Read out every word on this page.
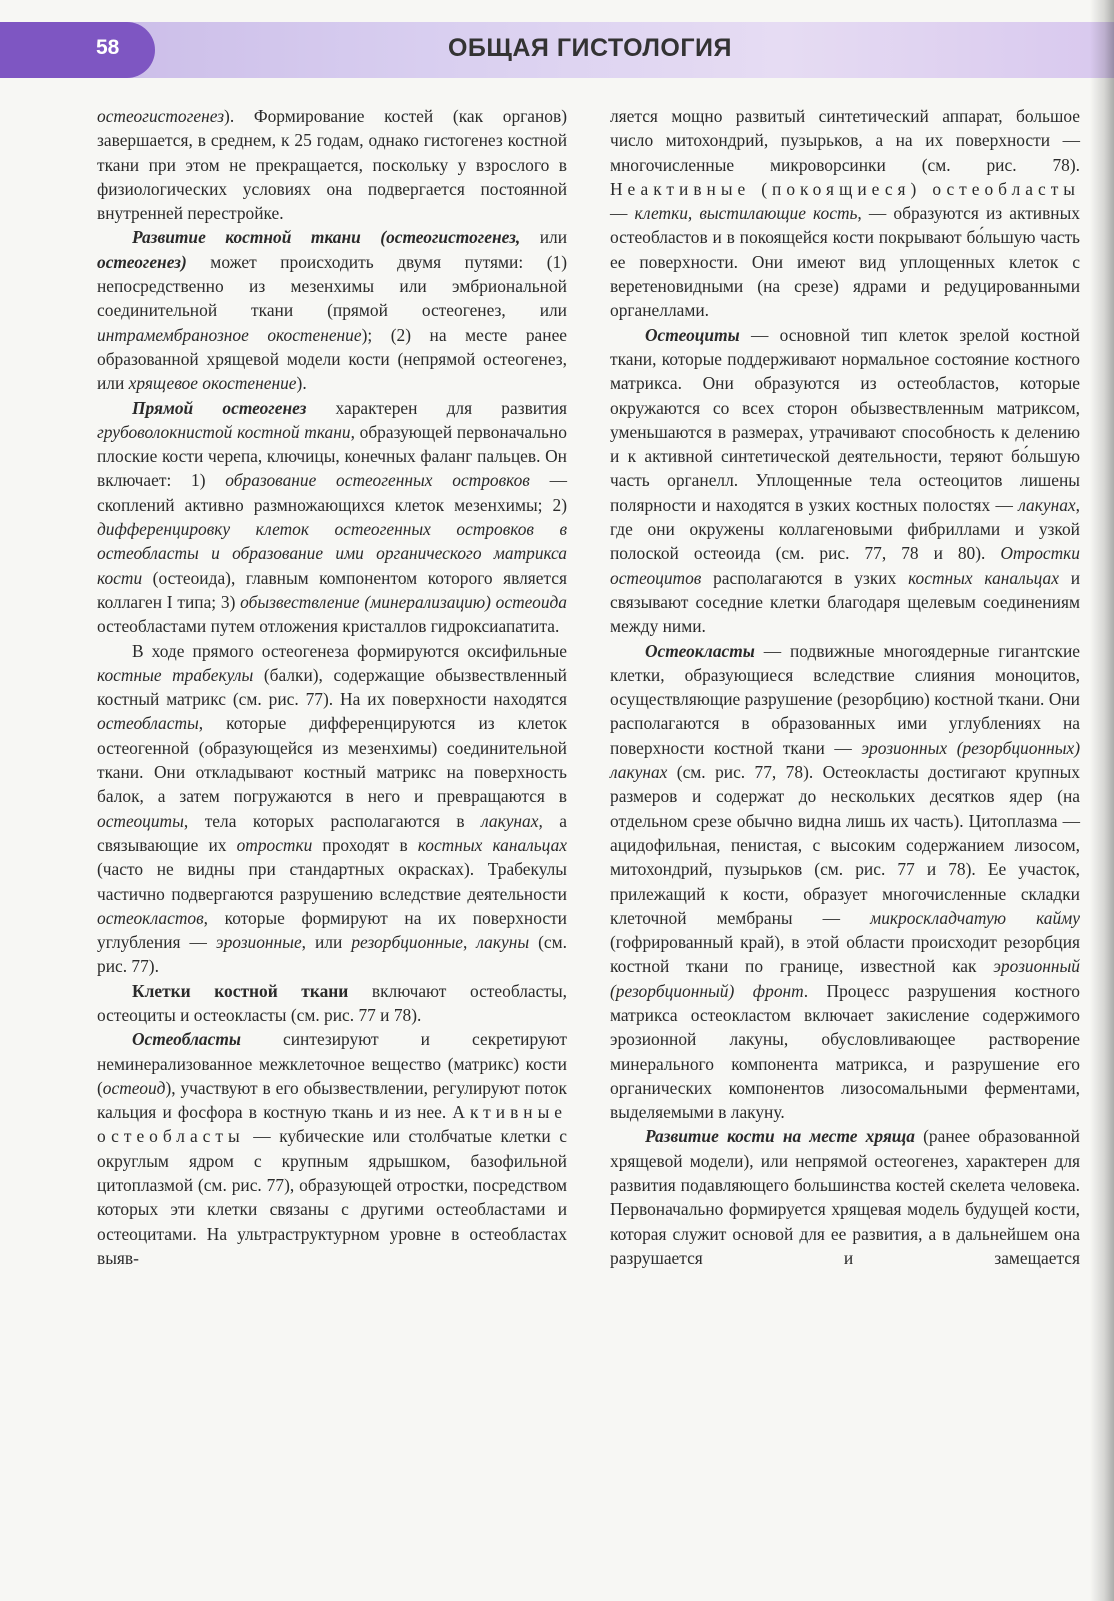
58	ОБЩАЯ ГИСТОЛОГИЯ

остеогистогенез). Формирование костей (как органов) завершается, в среднем, к 25 годам, однако гистогенез костной ткани при этом не прекращается, поскольку у взрослого в физиологических условиях она подвергается постоянной внутренней перестройке.

Развитие костной ткани (остеогистогенез, или остеогенез) может происходить двумя путями: (1) непосредственно из мезенхимы или эмбриональной соединительной ткани (прямой остеогенез, или интрамембранозное окостенение); (2) на месте ранее образованной хрящевой модели кости (непрямой остеогенез, или хрящевое окостенение).

Прямой остеогенез характерен для развития грубоволокнистой костной ткани, образующей первоначально плоские кости черепа, ключицы, конечных фаланг пальцев. Он включает: 1) образование остеогенных островков — скоплений активно размножающихся клеток мезенхимы; 2) дифференцировку клеток остеогенных островков в остеобласты и образование ими органического матрикса кости (остеоида), главным компонентом которого является коллаген I типа; 3) обызвествление (минерализацию) остеоида остеобластами путем отложения кристаллов гидроксиапатита.

В ходе прямого остеогенеза формируются оксифильные костные трабекулы (балки), содержащие обызвествленный костный матрикс (см. рис. 77). На их поверхности находятся остеобласты, которые дифференцируются из клеток остеогенной (образующейся из мезенхимы) соединительной ткани. Они откладывают костный матрикс на поверхность балок, а затем погружаются в него и превращаются в остеоциты, тела которых располагаются в лакунах, а связывающие их отростки проходят в костных канальцах (часто не видны при стандартных окрасках). Трабекулы частично подвергаются разрушению вследствие деятельности остеокластов, которые формируют на их поверхности углубления — эрозионные, или резорбционные, лакуны (см. рис. 77).

Клетки костной ткани включают остеобласты, остеоциты и остеокласты (см. рис. 77 и 78).

Остеобласты синтезируют и секретируют неминерализованное межклеточное вещество (матрикс) кости (остеоид), участвуют в его обызвествлении, регулируют поток кальция и фосфора в костную ткань и из нее. Активные остеобласты — кубические или столбчатые клетки с округлым ядром с крупным ядрышком, базофильной цитоплазмой (см. рис. 77), образующей отростки, посредством которых эти клетки связаны с другими остеобластами и остеоцитами. На ультраструктурном уровне в остеобластах выяв-

ляется мощно развитый синтетический аппарат, большое число митохондрий, пузырьков, а на их поверхности — многочисленные микроворсинки (см. рис. 78). Неактивные (покоящиеся) остеобласты — клетки, выстилающие кость, — образуются из активных остеобластов и в покоящейся кости покрывают бо́льшую часть ее поверхности. Они имеют вид уплощенных клеток с веретеновидными (на срезе) ядрами и редуцированными органеллами.

Остеоциты — основной тип клеток зрелой костной ткани, которые поддерживают нормальное состояние костного матрикса. Они образуются из остеобластов, которые окружаются со всех сторон обызвествленным матриксом, уменьшаются в размерах, утрачивают способность к делению и к активной синтетической деятельности, теряют бо́льшую часть органелл. Уплощенные тела остеоцитов лишены полярности и находятся в узких костных полостях — лакунах, где они окружены коллагеновыми фибриллами и узкой полоской остеоида (см. рис. 77, 78 и 80). Отростки остеоцитов располагаются в узких костных канальцах и связывают соседние клетки благодаря щелевым соединениям между ними.

Остеокласты — подвижные многоядерные гигантские клетки, образующиеся вследствие слияния моноцитов, осуществляющие разрушение (резорбцию) костной ткани. Они располагаются в образованных ими углублениях на поверхности костной ткани — эрозионных (резорбционных) лакунах (см. рис. 77, 78). Остеокласты достигают крупных размеров и содержат до нескольких десятков ядер (на отдельном срезе обычно видна лишь их часть). Цитоплазма — ацидофильная, пенистая, с высоким содержанием лизосом, митохондрий, пузырьков (см. рис. 77 и 78). Ее участок, прилежащий к кости, образует многочисленные складки клеточной мембраны — микроскладчатую кайму (гофрированный край), в этой области происходит резорбция костной ткани по границе, известной как эрозионный (резорбционный) фронт. Процесс разрушения костного матрикса остеокластом включает закисление содержимого эрозионной лакуны, обусловливающее растворение минерального компонента матрикса, и разрушение его органических компонентов лизосомальными ферментами, выделяемыми в лакуну.

Развитие кости на месте хряща (ранее образованной хрящевой модели), или непрямой остеогенез, характерен для развития подавляющего большинства костей скелета человека. Первоначально формируется хрящевая модель будущей кости, которая служит основой для ее развития, а в дальнейшем она разрушается и замещается
